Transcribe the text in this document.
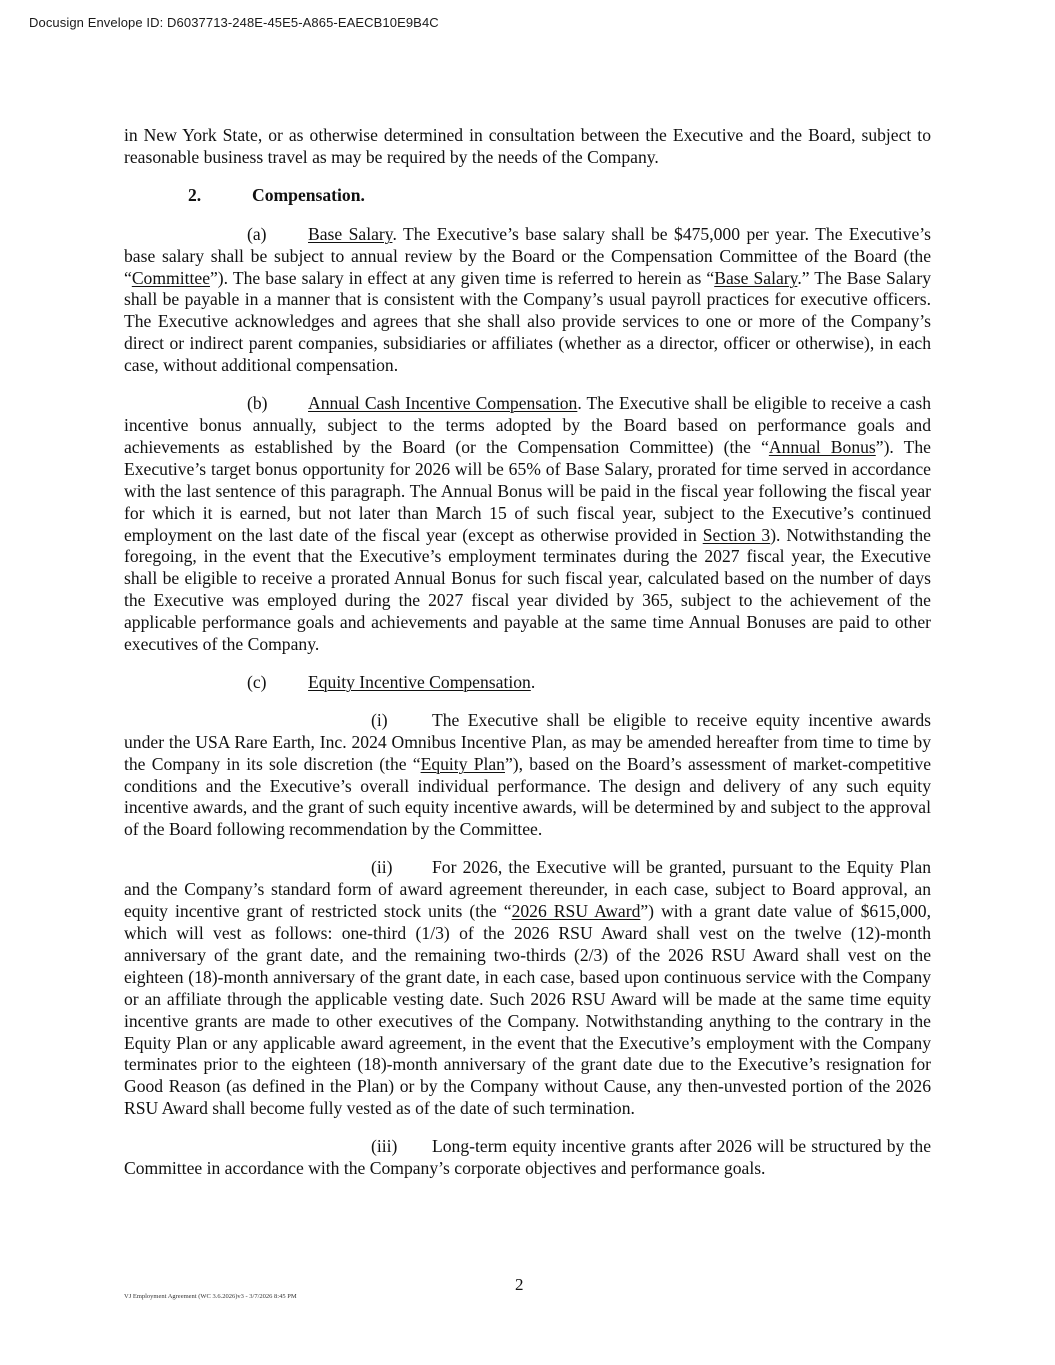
Docusign Envelope ID: D6037713-248E-45E5-A865-EAECB10E9B4C

in New York State, or as otherwise determined in consultation between the Executive and the Board, subject to reasonable business travel as may be required by the needs of the Company.

2.	Compensation.

(a) Base Salary. The Executive’s base salary shall be $475,000 per year. The Executive’s base salary shall be subject to annual review by the Board or the Compensation Committee of the Board (the “Committee”). The base salary in effect at any given time is referred to herein as “Base Salary.” The Base Salary shall be payable in a manner that is consistent with the Company’s usual payroll practices for executive officers. The Executive acknowledges and agrees that she shall also provide services to one or more of the Company’s direct or indirect parent companies, subsidiaries or affiliates (whether as a director, officer or otherwise), in each case, without additional compensation.

(b) Annual Cash Incentive Compensation. The Executive shall be eligible to receive a cash incentive bonus annually, subject to the terms adopted by the Board based on performance goals and achievements as established by the Board (or the Compensation Committee) (the “Annual Bonus”). The Executive’s target bonus opportunity for 2026 will be 65% of Base Salary, prorated for time served in accordance with the last sentence of this paragraph. The Annual Bonus will be paid in the fiscal year following the fiscal year for which it is earned, but not later than March 15 of such fiscal year, subject to the Executive’s continued employment on the last date of the fiscal year (except as otherwise provided in Section 3). Notwithstanding the foregoing, in the event that the Executive’s employment terminates during the 2027 fiscal year, the Executive shall be eligible to receive a prorated Annual Bonus for such fiscal year, calculated based on the number of days the Executive was employed during the 2027 fiscal year divided by 365, subject to the achievement of the applicable performance goals and achievements and payable at the same time Annual Bonuses are paid to other executives of the Company.

(c) Equity Incentive Compensation.

(i)	The Executive shall be eligible to receive equity incentive awards under the USA Rare Earth, Inc. 2024 Omnibus Incentive Plan, as may be amended hereafter from time to time by the Company in its sole discretion (the “Equity Plan”), based on the Board’s assessment of market-competitive conditions and the Executive’s overall individual performance. The design and delivery of any such equity incentive awards, and the grant of such equity incentive awards, will be determined by and subject to the approval of the Board following recommendation by the Committee.

(ii) For 2026, the Executive will be granted, pursuant to the Equity Plan and the Company’s standard form of award agreement thereunder, in each case, subject to Board approval, an equity incentive grant of restricted stock units (the “2026 RSU Award”) with a grant date value of $615,000, which will vest as follows: one-third (1/3) of the 2026 RSU Award shall vest on the twelve (12)-month anniversary of the grant date, and the remaining two-thirds (2/3) of the 2026 RSU Award shall vest on the eighteen (18)-month anniversary of the grant date, in each case, based upon continuous service with the Company or an affiliate through the applicable vesting date. Such 2026 RSU Award will be made at the same time equity incentive grants are made to other executives of the Company. Notwithstanding anything to the contrary in the Equity Plan or any applicable award agreement, in the event that the Executive’s employment with the Company terminates prior to the eighteen (18)-month anniversary of the grant date due to the Executive’s resignation for Good Reason (as defined in the Plan) or by the Company without Cause, any then-unvested portion of the 2026 RSU Award shall become fully vested as of the date of such termination.

(iii) Long-term equity incentive grants after 2026 will be structured by the Committee in accordance with the Company’s corporate objectives and performance goals.

2
VJ Employment Agreement (WC 3.6.2026)v3 - 3/7/2026 8:45 PM
